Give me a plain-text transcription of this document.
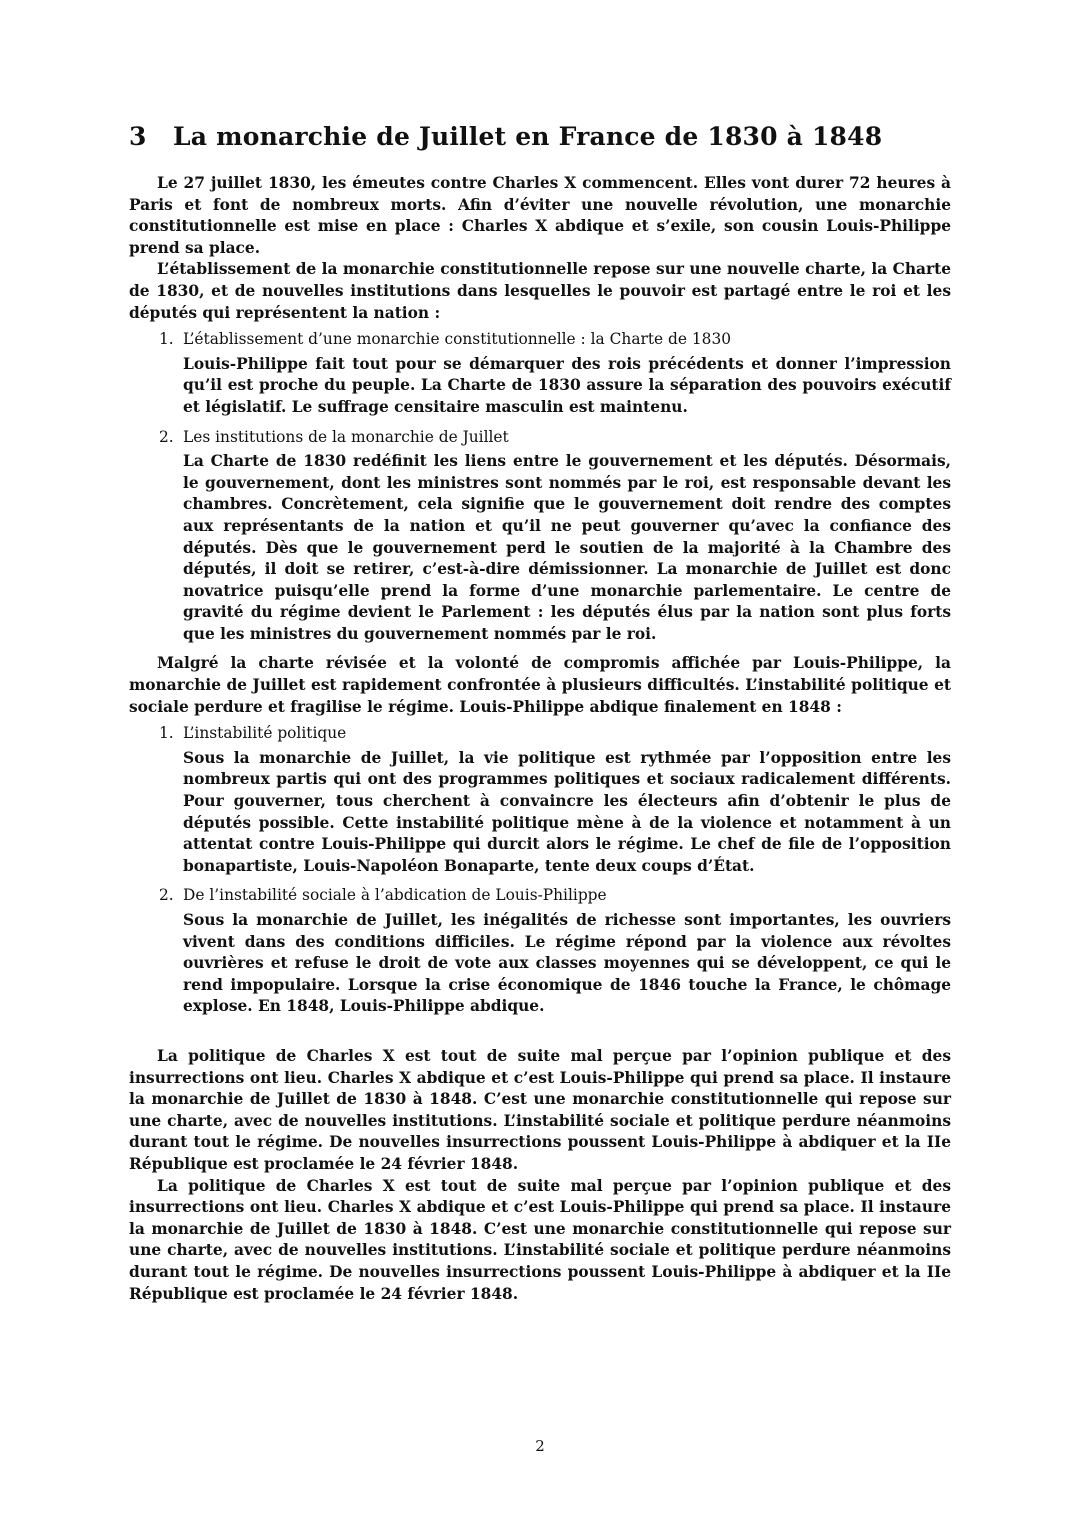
3	La monarchie de Juillet en France de 1830 à 1848

Le 27 juillet 1830, les émeutes contre Charles X commencent. Elles vont durer 72 heures à Paris et font de nombreux morts. Afin d’éviter une nouvelle révolution, une monarchie constitutionnelle est mise en place : Charles X abdique et s’exile, son cousin Louis-Philippe prend sa place.

L’établissement de la monarchie constitutionnelle repose sur une nouvelle charte, la Charte de 1830, et de nouvelles institutions dans lesquelles le pouvoir est partagé entre le roi et les députés qui représentent la nation :

1. L’établissement d’une monarchie constitutionnelle : la Charte de 1830
Louis-Philippe fait tout pour se démarquer des rois précédents et donner l’impression qu’il est proche du peuple. La Charte de 1830 assure la séparation des pouvoirs exécutif et législatif. Le suffrage censitaire masculin est maintenu.
2. Les institutions de la monarchie de Juillet
La Charte de 1830 redéfinit les liens entre le gouvernement et les députés. Désormais, le gouvernement, dont les ministres sont nommés par le roi, est responsable devant les chambres. Concrètement, cela signifie que le gouvernement doit rendre des comptes aux représentants de la nation et qu’il ne peut gouverner qu’avec la confiance des députés. Dès que le gouvernement perd le soutien de la majorité à la Chambre des députés, il doit se retirer, c’est-à-dire démissionner. La monarchie de Juillet est donc novatrice puisqu’elle prend la forme d’une monarchie parlementaire. Le centre de gravité du régime devient le Parlement : les députés élus par la nation sont plus forts que les ministres du gouvernement nommés par le roi.

Malgré la charte révisée et la volonté de compromis affichée par Louis-Philippe, la monarchie de Juillet est rapidement confrontée à plusieurs difficultés. L’instabilité politique et sociale perdure et fragilise le régime. Louis-Philippe abdique finalement en 1848 :

1. L’instabilité politique
Sous la monarchie de Juillet, la vie politique est rythmée par l’opposition entre les nombreux partis qui ont des programmes politiques et sociaux radicalement différents. Pour gouverner, tous cherchent à convaincre les électeurs afin d’obtenir le plus de députés possible. Cette instabilité politique mène à de la violence et notamment à un attentat contre Louis-Philippe qui durcit alors le régime. Le chef de file de l’opposition bonapartiste, Louis-Napoléon Bonaparte, tente deux coups d’État.
2. De l’instabilité sociale à l’abdication de Louis-Philippe
Sous la monarchie de Juillet, les inégalités de richesse sont importantes, les ouvriers vivent dans des conditions difficiles. Le régime répond par la violence aux révoltes ouvrières et refuse le droit de vote aux classes moyennes qui se développent, ce qui le rend impopulaire. Lorsque la crise économique de 1846 touche la France, le chômage explose. En 1848, Louis-Philippe abdique.

La politique de Charles X est tout de suite mal perçue par l’opinion publique et des insurrections ont lieu. Charles X abdique et c’est Louis-Philippe qui prend sa place. Il instaure la monarchie de Juillet de 1830 à 1848. C’est une monarchie constitutionnelle qui repose sur une charte, avec de nouvelles institutions. L’instabilité sociale et politique perdure néanmoins durant tout le régime. De nouvelles insurrections poussent Louis-Philippe à abdiquer et la IIe République est proclamée le 24 février 1848.

La politique de Charles X est tout de suite mal perçue par l’opinion publique et des insurrections ont lieu. Charles X abdique et c’est Louis-Philippe qui prend sa place. Il instaure la monarchie de Juillet de 1830 à 1848. C’est une monarchie constitutionnelle qui repose sur une charte, avec de nouvelles institutions. L’instabilité sociale et politique perdure néanmoins durant tout le régime. De nouvelles insurrections poussent Louis-Philippe à abdiquer et la IIe République est proclamée le 24 février 1848.

2
